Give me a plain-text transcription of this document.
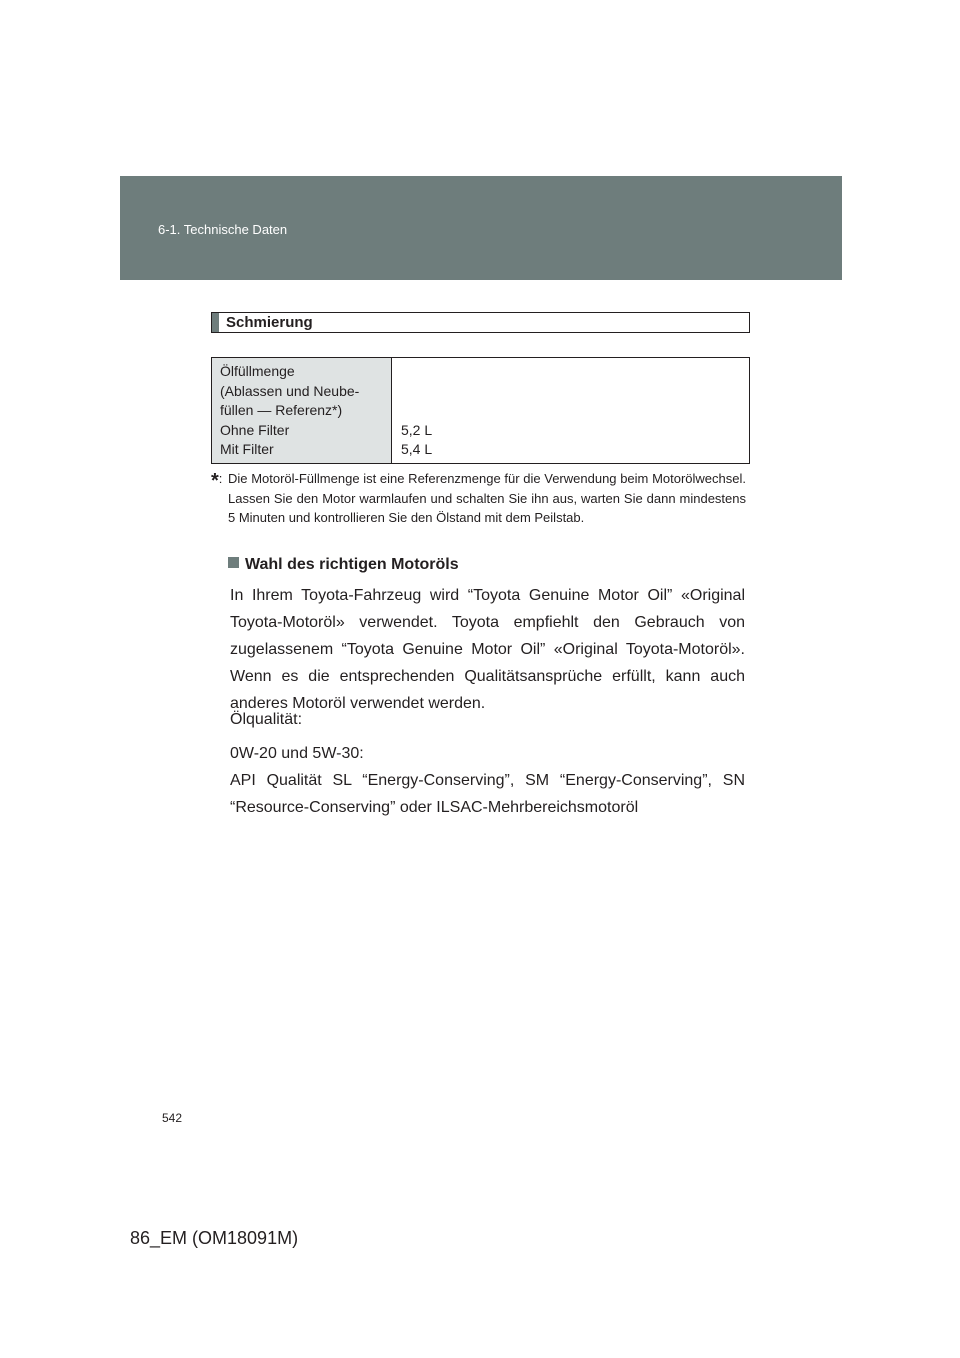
6-1. Technische Daten
Schmierung
Ölfüllmenge
(Ablassen und Neube-
füllen — Referenz*)
Ohne Filter
Mit Filter
5,2 L
5,4 L
*: Die Motoröl-Füllmenge ist eine Referenzmenge für die Verwendung beim Motorölwechsel. Lassen Sie den Motor warmlaufen und schalten Sie ihn aus, warten Sie dann mindestens 5 Minuten und kontrollieren Sie den Ölstand mit dem Peilstab.
Wahl des richtigen Motoröls
In Ihrem Toyota-Fahrzeug wird “Toyota Genuine Motor Oil” «Original Toyota-Motoröl» verwendet. Toyota empfiehlt den Gebrauch von zugelassenem “Toyota Genuine Motor Oil” «Original Toyota-Motoröl». Wenn es die entsprechenden Qualitätsansprüche erfüllt, kann auch anderes Motoröl verwendet werden.
Ölqualität:
0W-20 und 5W-30:
API Qualität SL “Energy-Conserving”, SM “Energy-Conserving”, SN “Resource-Conserving” oder ILSAC-Mehrbereichsmotoröl
542
86_EM (OM18091M)
